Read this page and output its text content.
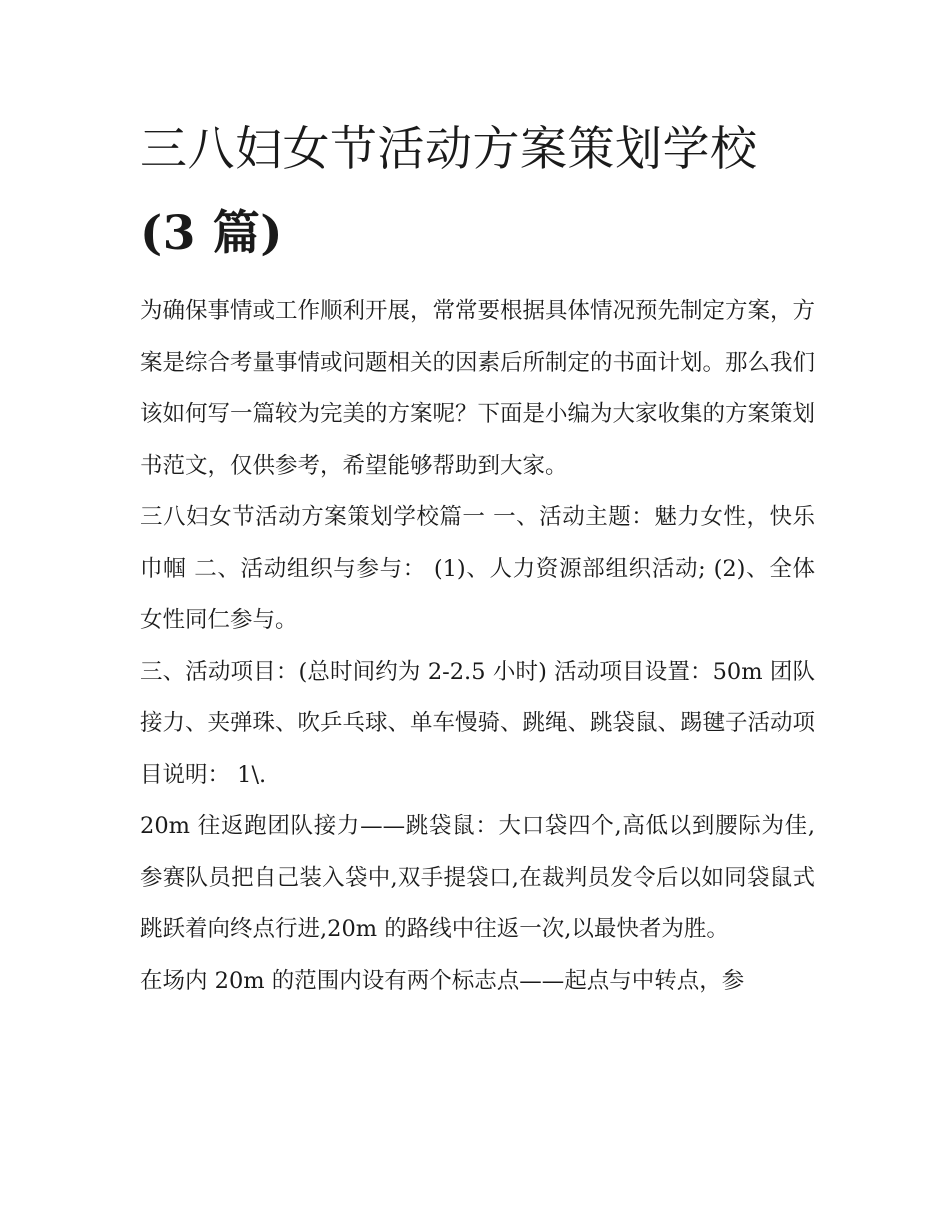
三八妇女节活动方案策划学校
(3 篇)

为确保事情或工作顺利开展，常常要根据具体情况预先制定方案，方案是综合考量事情或问题相关的因素后所制定的书面计划。那么我们该如何写一篇较为完美的方案呢？下面是小编为大家收集的方案策划书范文，仅供参考，希望能够帮助到大家。

三八妇女节活动方案策划学校篇一 一、活动主题：魅力女性，快乐巾帼 二、活动组织与参与： (1)、人力资源部组织活动; (2)、全体女性同仁参与。

三、活动项目：(总时间约为 2-2.5 小时) 活动项目设置：50m 团队接力、夹弹珠、吹乒乓球、单车慢骑、跳绳、跳袋鼠、踢毽子活动项目说明： 1\.

20m 往返跑团队接力——跳袋鼠：大口袋四个,高低以到腰际为佳,参赛队员把自己装入袋中,双手提袋口,在裁判员发令后以如同袋鼠式跳跃着向终点行进,20m 的路线中往返一次,以最快者为胜。

在场内 20m 的范围内设有两个标志点——起点与中转点，参
